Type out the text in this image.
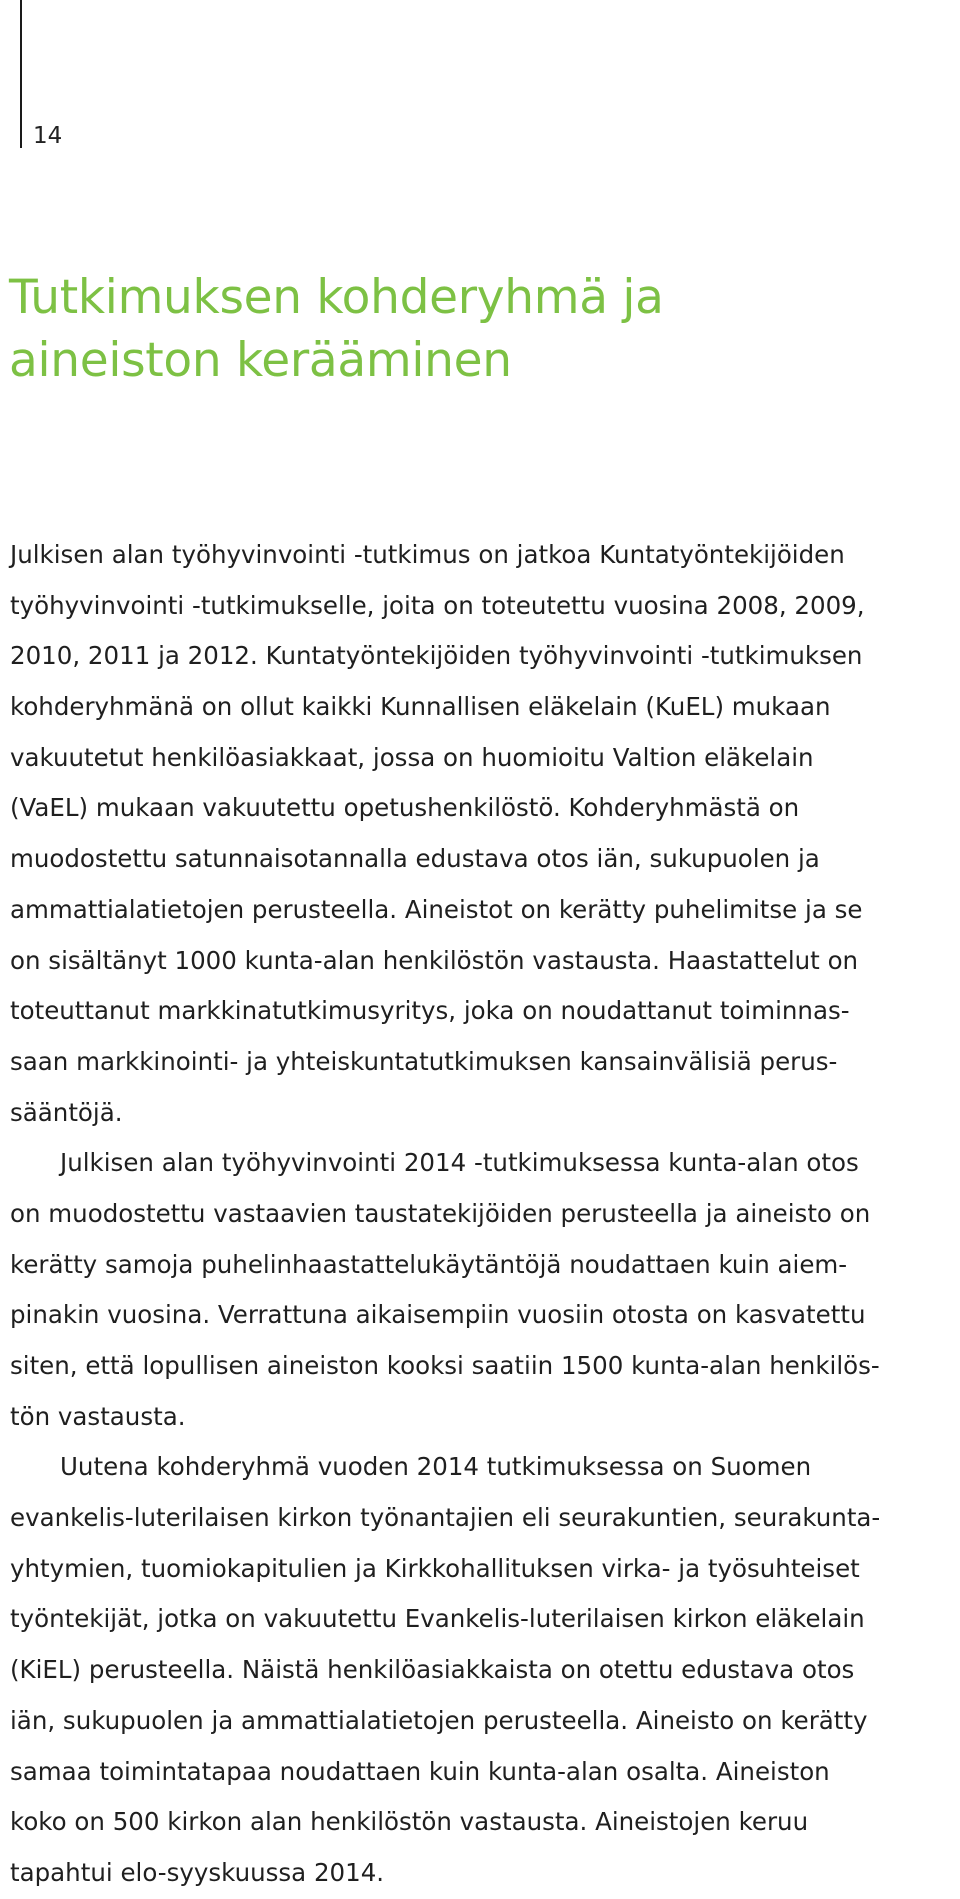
14
Tutkimuksen kohderyhmä ja
aineiston kerääminen
Julkisen alan työhyvinvointi -tutkimus on jatkoa Kuntatyöntekijöiden
työhyvinvointi -tutkimukselle, joita on toteutettu vuosina 2008, 2009,
2010, 2011 ja 2012. Kuntatyöntekijöiden työhyvinvointi -tutkimuksen
kohderyhmänä on ollut kaikki Kunnallisen eläkelain (KuEL) mukaan
vakuutetut henkilöasiakkaat, jossa on huomioitu Valtion eläkelain
(VaEL) mukaan vakuutettu opetushenkilöstö. Kohderyhmästä on
muodostettu satunnaisotannalla edustava otos iän, sukupuolen ja
ammattialatietojen perusteella. Aineistot on kerätty puhelimitse ja se
on sisältänyt 1000 kunta-alan henkilöstön vastausta. Haastattelut on
toteuttanut markkinatutkimusyritys, joka on noudattanut toiminnas-
saan markkinointi- ja yhteiskuntatutkimuksen kansainvälisiä perus-
sääntöjä.
Julkisen alan työhyvinvointi 2014 -tutkimuksessa kunta-alan otos
on muodostettu vastaavien taustatekijöiden perusteella ja aineisto on
kerätty samoja puhelinhaastattelukäytäntöjä noudattaen kuin aiem-
pinakin vuosina. Verrattuna aikaisempiin vuosiin otosta on kasvatettu
siten, että lopullisen aineiston kooksi saatiin 1500 kunta-alan henkilös-
tön vastausta.
Uutena kohderyhmä vuoden 2014 tutkimuksessa on Suomen
evankelis-luterilaisen kirkon työnantajien eli seurakuntien, seurakunta-
yhtymien, tuomiokapitulien ja Kirkkohallituksen virka- ja työsuhteiset
työntekijät, jotka on vakuutettu Evankelis-luterilaisen kirkon eläkelain
(KiEL) perusteella. Näistä henkilöasiakkaista on otettu edustava otos
iän, sukupuolen ja ammattialatietojen perusteella. Aineisto on kerätty
samaa toimintatapaa noudattaen kuin kunta-alan osalta. Aineiston
koko on 500 kirkon alan henkilöstön vastausta. Aineistojen keruu
tapahtui elo-syyskuussa 2014.
